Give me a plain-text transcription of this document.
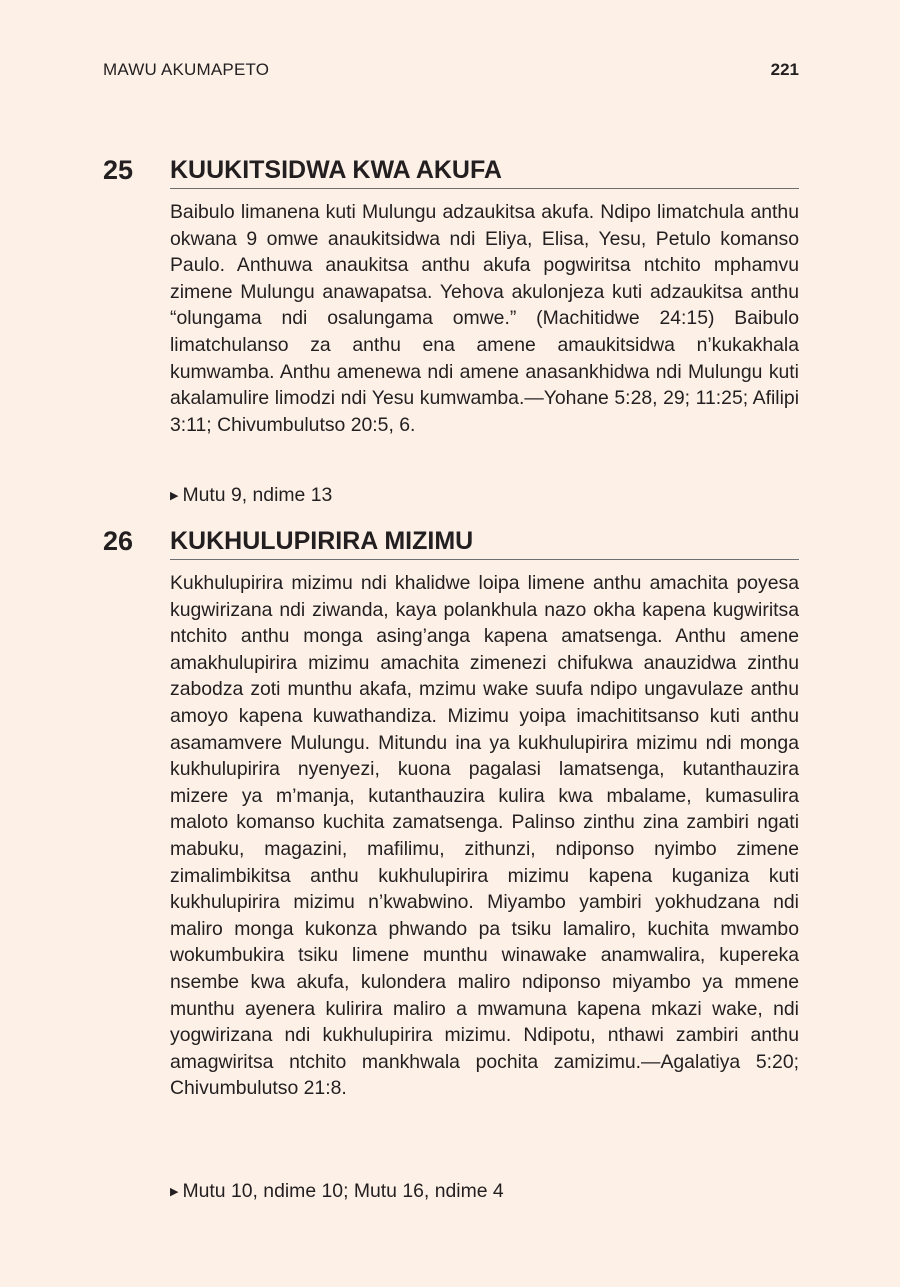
MAWU AKUMAPETO	221
25 KUUKITSIDWA KWA AKUFA

Baibulo limanena kuti Mulungu adzaukitsa akufa. Ndipo limatchula anthu okwana 9 omwe anaukitsidwa ndi Eliya, Elisa, Yesu, Petulo komanso Paulo. Anthuwa anaukitsa anthu akufa pogwiritsa ntchito mphamvu zimene Mulungu anawapatsa. Yehova akulonjeza kuti adzaukitsa anthu “olungama ndi osalungama omwe.” (Machitidwe 24:15) Baibulo limatchulanso za anthu ena amene amaukitsidwa n’kukakhala kumwamba. Anthu amenewa ndi amene anasankhidwa ndi Mulungu kuti akalamulire limodzi ndi Yesu kumwamba.—Yohane 5:28, 29; 11:25; Afilipi 3:11; Chivumbulutso 20:5, 6.

▶ Mutu 9, ndime 13
26 KUKHULUPIRIRA MIZIMU

Kukhulupirira mizimu ndi khalidwe loipa limene anthu amachita poyesa kugwirizana ndi ziwanda, kaya polankhula nazo okha kapena kugwiritsa ntchito anthu monga asing’anga kapena amatsenga. Anthu amene amakhulupirira mizimu amachita zimenezi chifukwa anauzidwa zinthu zabodza zoti munthu akafa, mzimu wake suufa ndipo ungavulaze anthu amoyo kapena kuwathandiza. Mizimu yoipa imachititsanso kuti anthu asamamvere Mulungu. Mitundu ina ya kukhulupirira mizimu ndi monga kukhulupirira nyenyezi, kuona pagalasi lamatsenga, kutanthauzira mizere ya m’manja, kutanthauzira kulira kwa mbalame, kumasulira maloto komanso kuchita zamatsenga. Palinso zinthu zina zambiri ngati mabuku, magazini, mafilimu, zithunzi, ndiponso nyimbo zimene zimalimbikitsa anthu kukhulupirira mizimu kapena kuganiza kuti kukhulupirira mizimu n’kwabwino. Miyambo yambiri yokhudzana ndi maliro monga kukonza phwando pa tsiku lamaliro, kuchita mwambo wokumbukira tsiku limene munthu winawake anamwalira, kupereka nsembe kwa akufa, kulondera maliro ndiponso miyambo ya mmene munthu ayenera kulirira maliro a mwamuna kapena mkazi wake, ndi yogwirizana ndi kukhulupirira mizimu. Ndipotu, nthawi zambiri anthu amagwiritsa ntchito mankhwala pochita zamizimu.—Agalatiya 5:20; Chivumbulutso 21:8.

▶ Mutu 10, ndime 10; Mutu 16, ndime 4
